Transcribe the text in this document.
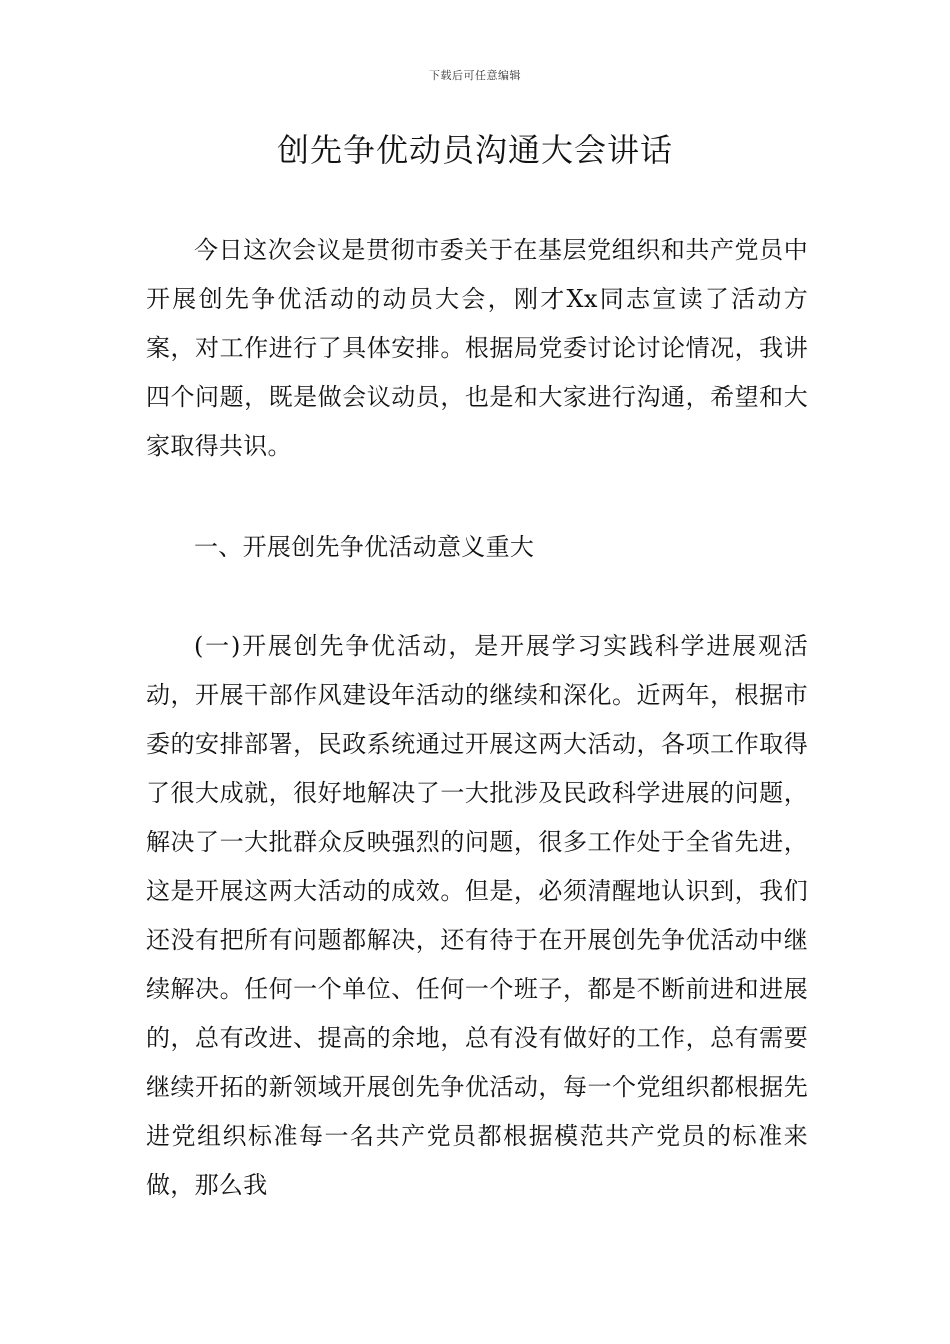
下载后可任意编辑
创先争优动员沟通大会讲话

今日这次会议是贯彻市委关于在基层党组织和共产党员中开展创先争优活动的动员大会，刚才Xx同志宣读了活动方案，对工作进行了具体安排。根据局党委讨论讨论情况，我讲四个问题，既是做会议动员，也是和大家进行沟通，希望和大家取得共识。

一、开展创先争优活动意义重大

(一)开展创先争优活动，是开展学习实践科学进展观活动，开展干部作风建设年活动的继续和深化。近两年，根据市委的安排部署，民政系统通过开展这两大活动，各项工作取得了很大成就，很好地解决了一大批涉及民政科学进展的问题，解决了一大批群众反映强烈的问题，很多工作处于全省先进，这是开展这两大活动的成效。但是，必须清醒地认识到，我们还没有把所有问题都解决，还有待于在开展创先争优活动中继续解决。任何一个单位、任何一个班子，都是不断前进和进展的，总有改进、提高的余地，总有没有做好的工作，总有需要继续开拓的新领域开展创先争优活动，每一个党组织都根据先进党组织标准每一名共产党员都根据模范共产党员的标准来做，那么我
